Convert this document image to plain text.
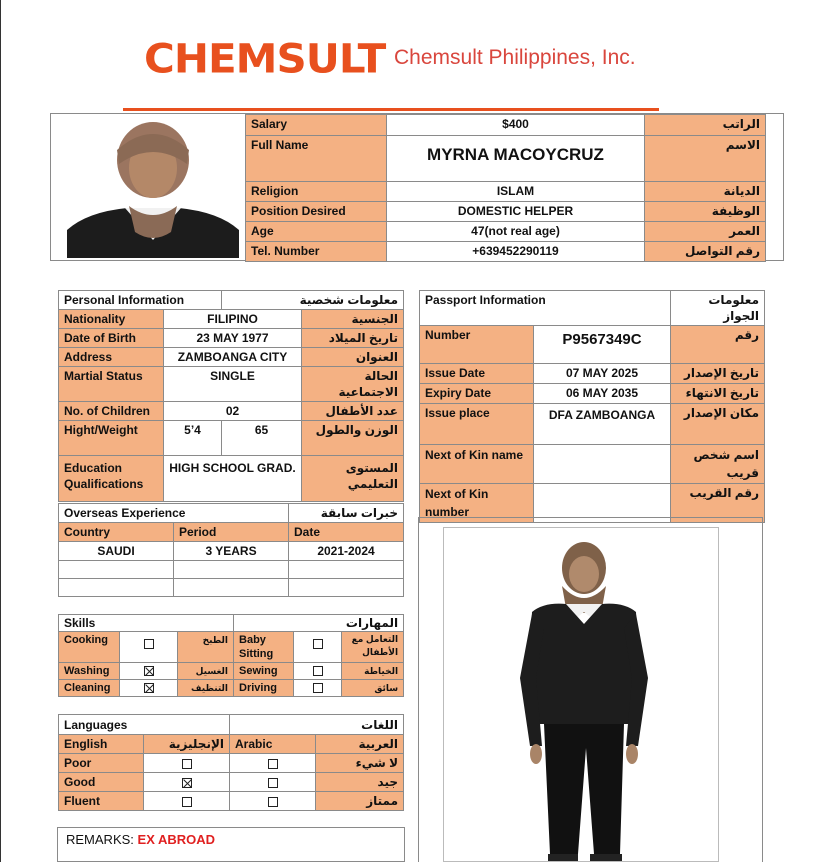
CHEMSULT Chemsult Philippines, Inc.
Salary	$400	الراتب
Full Name	MYRNA MACOYCRUZ	الاسم
Religion	ISLAM	الديانة
Position Desired	DOMESTIC HELPER	الوظيفة
Age	47(not real age)	العمر
Tel. Number	+639452290119	رقم التواصل
Personal Information		معلومات شخصية	
Nationality	FILIPINO		الجنسية
Date of Birth	23 MAY 1977		تاريخ الميلاد
Address	ZAMBOANGA CITY		العنوان
Martial Status	SINGLE		الحالة الاجتماعية
No. of Children	02		عدد الأطفال
Hight/Weight	5’4	65	الوزن والطول
Education Qualifications	HIGH SCHOOL GRAD.		المستوى التعليمي
Passport Information		معلومات الجواز
Number	P9567349C	رقم
Issue Date	07 MAY 2025	تاريخ الإصدار
Expiry Date	06 MAY 2035	تاريخ الانتهاء
Issue place	DFA ZAMBOANGA	مكان الإصدار
Next of Kin name		اسم شخص قريب
Next of Kin number		رقم القريب
Overseas Experience		خبرات سابقة
Country	Period	Date
SAUDI	3 YEARS	2021-2024

Skills			المهارات		
Cooking		الطبخ	Baby Sitting		التعامل مع الأطفال
Washing		الغسيل	Sewing		الخياطة
Cleaning		التنظيف	Driving		سائق
Languages		اللغات	
English	الإنجليزية	Arabic	العربية
Poor			لا شيء
Good			جيد
Fluent			ممتاز
REMARKS: EX ABROAD
